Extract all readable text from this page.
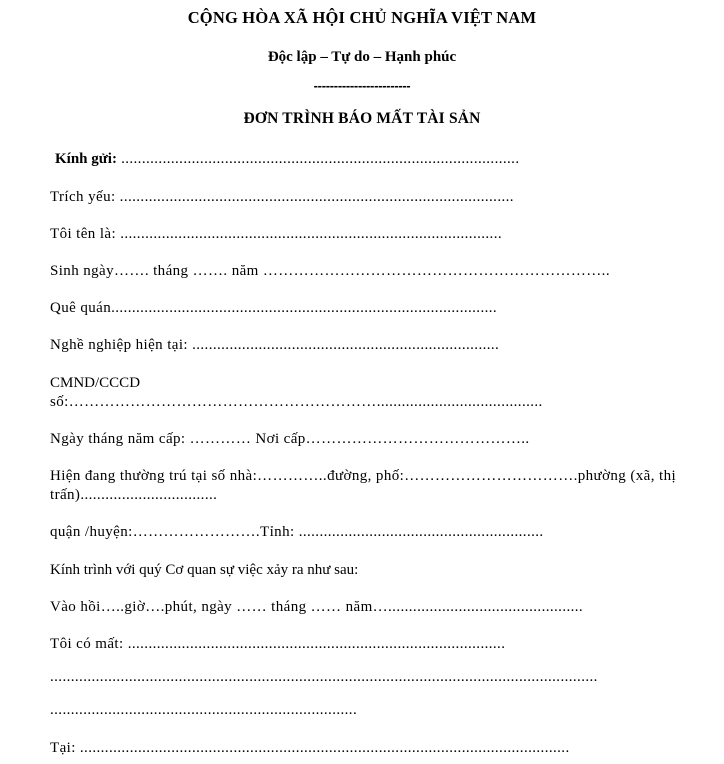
CỘNG HÒA XÃ HỘI CHỦ NGHĨA VIỆT NAM

Độc lập – Tự do – Hạnh phúc

------------------------

ĐƠN TRÌNH BÁO MẤT TÀI SẢN

Kính gửi: ................................................................................................

Trích yếu: ...............................................................................................

Tôi tên là: ............................................................................................

Sinh ngày……. tháng ……. năm …………………………………………………………..

Quê quán.............................................................................................

Nghề nghiệp hiện tại: ..........................................................................

CMND/CCCD

số:……………………………………………………........................................

Ngày tháng năm cấp: ………… Nơi cấp……………………………………..

Hiện đang thường trú tại số nhà:…………..đường, phố:…………………………….phường (xã, thị

trấn).................................

quận /huyện:…………………….Tỉnh: ...........................................................

Kính trình với quý Cơ quan sự việc xảy ra như sau:

Vào hồi…..giờ….phút, ngày …… tháng …… năm…...............................................

Tôi có mất: ...........................................................................................

....................................................................................................................................

..........................................................................

Tại: ......................................................................................................................
